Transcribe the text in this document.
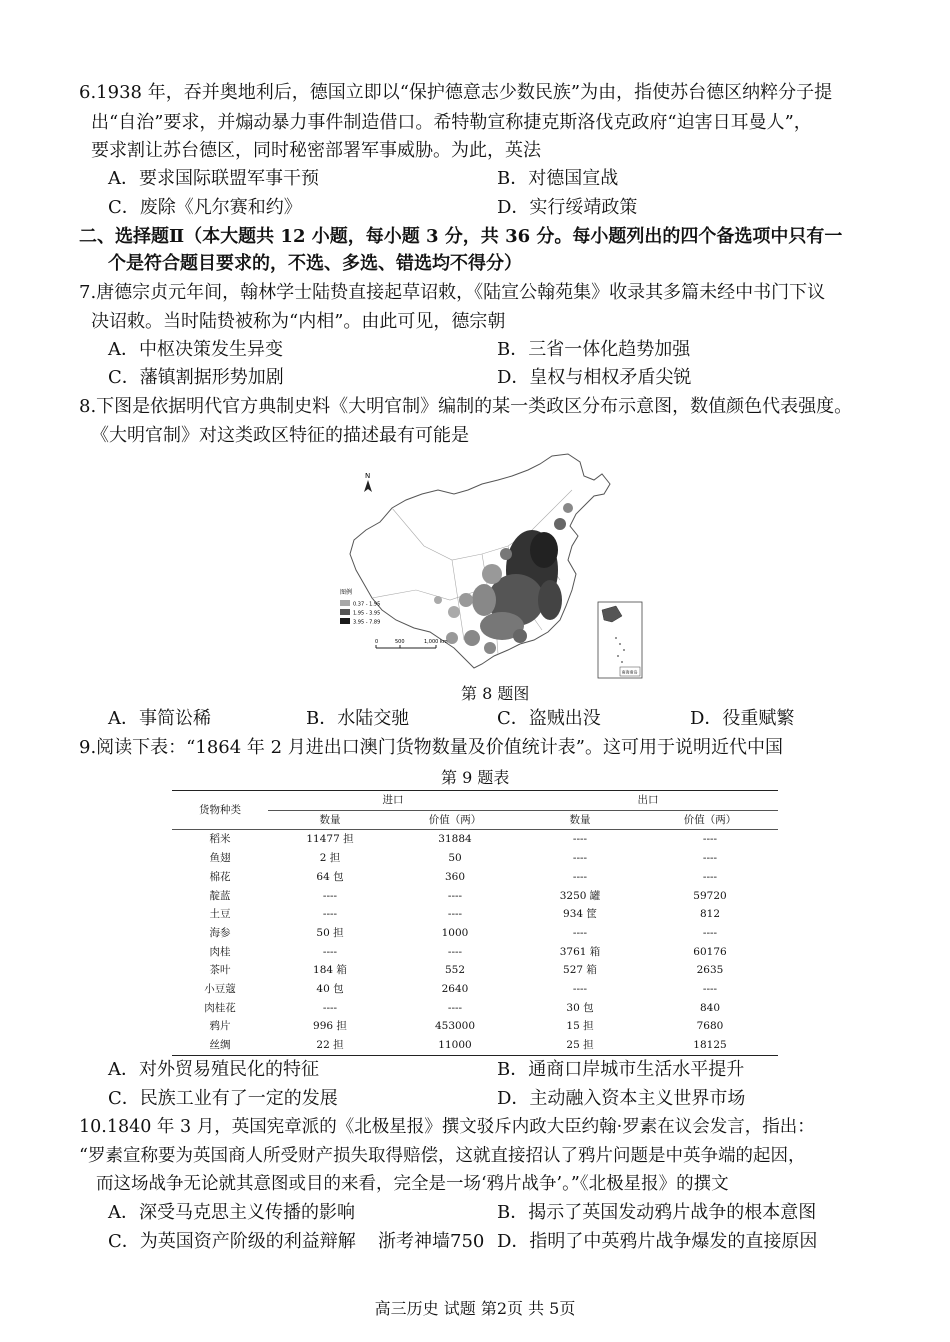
6.1938 年，吞并奥地利后，德国立即以“保护德意志少数民族”为由，指使苏台德区纳粹分子提
出“自治”要求，并煽动暴力事件制造借口。希特勒宣称捷克斯洛伐克政府“迫害日耳曼人”，
要求割让苏台德区，同时秘密部署军事威胁。为此，英法
A．要求国际联盟军事干预	B．对德国宣战
C．废除《凡尔赛和约》	D．实行绥靖政策
二、选择题Ⅱ（本大题共 12 小题，每小题 3 分，共 36 分。每小题列出的四个备选项中只有一
个是符合题目要求的，不选、多选、错选均不得分）
7.唐德宗贞元年间，翰林学士陆贽直接起草诏敕，《陆宣公翰苑集》收录其多篇未经中书门下议
决诏敕。当时陆贽被称为“内相”。由此可见，德宗朝
A．中枢决策发生异变	B．三省一体化趋势加强
C．藩镇割据形势加剧	D．皇权与相权矛盾尖锐
8.下图是依据明代官方典制史料《大明官制》编制的某一类政区分布示意图，数值颜色代表强度。
《大明官制》对这类政区特征的描述最有可能是
N
图例
0.37 - 1.95
1.95 - 3.95
3.95 - 7.89
0	500	1,000 km
南海诸岛
第 8 题图
A．事简讼稀	B．水陆交驰	C．盗贼出没	D．役重赋繁
9.阅读下表：“1864 年 2 月进出口澳门货物数量及价值统计表”。这可用于说明近代中国
第 9 题表
货物种类	进口		出口	
	数量	价值（两）	数量	价值（两）
稻米	11477 担	31884	----	----
鱼翅	2 担	50	----	----
棉花	64 包	360	----	----
靛蓝	----	----	3250 罐	59720
土豆	----	----	934 筐	812
海参	50 担	1000	----	----
肉桂	----	----	3761 箱	60176
茶叶	184 箱	552	527 箱	2635
小豆蔻	40 包	2640	----	----
肉桂花	----	----	30 包	840
鸦片	996 担	453000	15 担	7680
丝绸	22 担	11000	25 担	18125
A．对外贸易殖民化的特征	B．通商口岸城市生活水平提升
C．民族工业有了一定的发展	D．主动融入资本主义世界市场
10.1840 年 3 月，英国宪章派的《北极星报》撰文驳斥内政大臣约翰·罗素在议会发言，指出：
“罗素宣称要为英国商人所受财产损失取得赔偿，这就直接招认了鸦片问题是中英争端的起因，
而这场战争无论就其意图或目的来看，完全是一场‘鸦片战争’。”《北极星报》的撰文
A．深受马克思主义传播的影响	B．揭示了英国发动鸦片战争的根本意图
C．为英国资产阶级的利益辩解 浙考神墙750 D．指明了中英鸦片战争爆发的直接原因
高三历史 试题 第2页 共 5页
